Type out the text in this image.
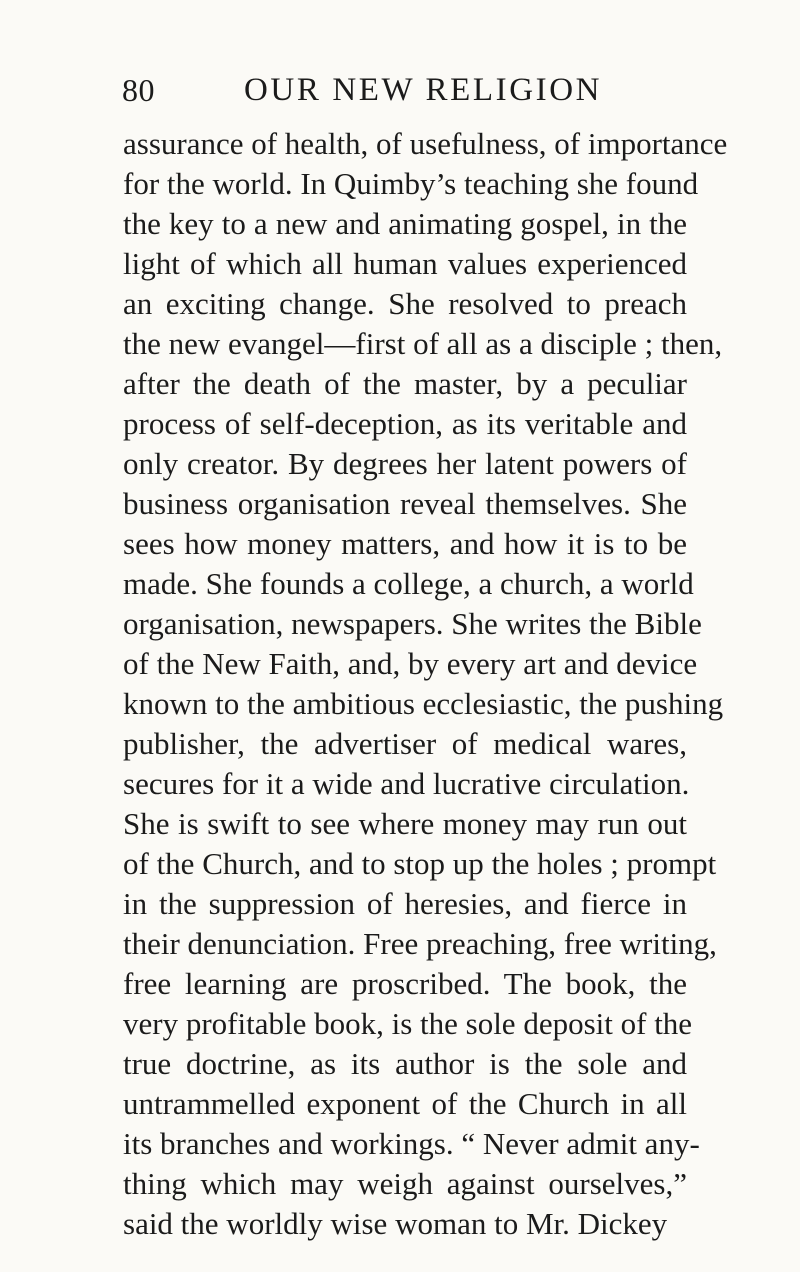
80	OUR NEW RELIGION
assurance of health, of usefulness, of importance
for the world. In Quimby’s teaching she found
the key to a new and animating gospel, in the
light of which all human values experienced
an exciting change. She resolved to preach
the new evangel—first of all as a disciple ; then,
after the death of the master, by a peculiar
process of self-deception, as its veritable and
only creator. By degrees her latent powers of
business organisation reveal themselves. She
sees how money matters, and how it is to be
made. She founds a college, a church, a world
organisation, newspapers. She writes the Bible
of the New Faith, and, by every art and device
known to the ambitious ecclesiastic, the pushing
publisher, the advertiser of medical wares,
secures for it a wide and lucrative circulation.
She is swift to see where money may run out
of the Church, and to stop up the holes ; prompt
in the suppression of heresies, and fierce in
their denunciation. Free preaching, free writing,
free learning are proscribed. The book, the
very profitable book, is the sole deposit of the
true doctrine, as its author is the sole and
untrammelled exponent of the Church in all
its branches and workings. “ Never admit any-
thing which may weigh against ourselves,”
said the worldly wise woman to Mr. Dickey
